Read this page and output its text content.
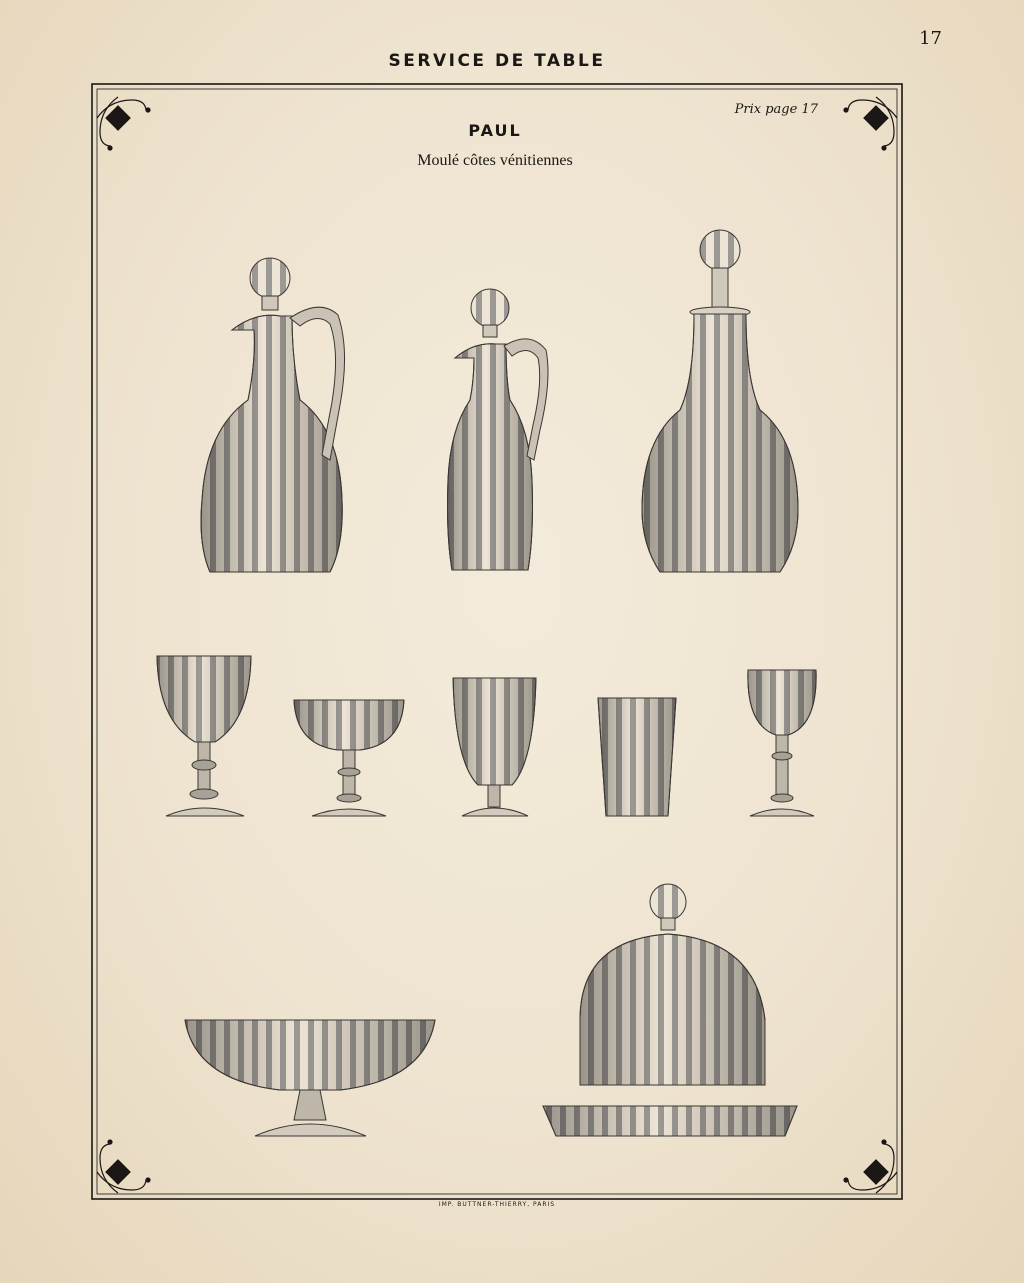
17
SERVICE DE TABLE
Prix page 17
PAUL
Moulé côtes vénitiennes
IMP. BUTTNER-THIERRY, PARIS
